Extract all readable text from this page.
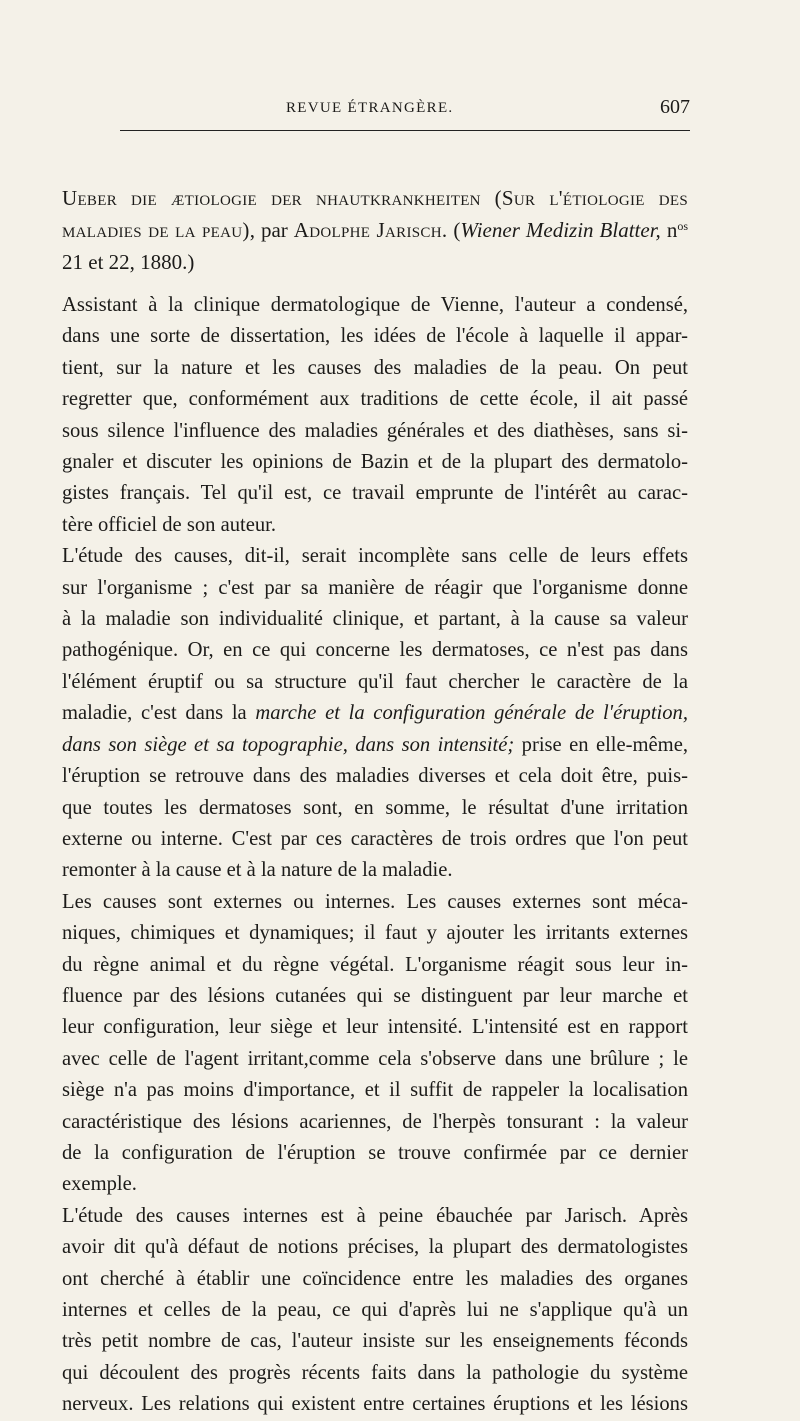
REVUE ÉTRANGÈRE.	607
Ueber die ætiologie der nhautkrankheiten (Sur l'étiologie des maladies de la peau), par Adolphe Jarisch. (Wiener Medizin Blatter, $n^{os}$ 21 et 22, 1880.)

Assistant à la clinique dermatologique de Vienne, l'auteur a condensé,
dans une sorte de dissertation, les idées de l'école à laquelle il appar-
tient, sur la nature et les causes des maladies de la peau. On peut
regretter que, conformément aux traditions de cette école, il ait passé
sous silence l'influence des maladies générales et des diathèses, sans si-
gnaler et discuter les opinions de Bazin et de la plupart des dermatolo-
gistes français. Tel qu'il est, ce travail emprunte de l'intérêt au carac-
tère officiel de son auteur.

L'étude des causes, dit-il, serait incomplète sans celle de leurs effets
sur l'organisme ; c'est par sa manière de réagir que l'organisme donne
à la maladie son individualité clinique, et partant, à la cause sa valeur
pathogénique. Or, en ce qui concerne les dermatoses, ce n'est pas dans
l'élément éruptif ou sa structure qu'il faut chercher le caractère de la
maladie, c'est dans la marche et la configuration générale de l'éruption,
dans son siège et sa topographie, dans son intensité; prise en elle-même,
l'éruption se retrouve dans des maladies diverses et cela doit être, puis-
que toutes les dermatoses sont, en somme, le résultat d'une irritation
externe ou interne. C'est par ces caractères de trois ordres que l'on peut
remonter à la cause et à la nature de la maladie.

Les causes sont externes ou internes. Les causes externes sont méca-
niques, chimiques et dynamiques; il faut y ajouter les irritants externes
du règne animal et du règne végétal. L'organisme réagit sous leur in-
fluence par des lésions cutanées qui se distinguent par leur marche et
leur configuration, leur siège et leur intensité. L'intensité est en rapport
avec celle de l'agent irritant,comme cela s'observe dans une brûlure ; le
siège n'a pas moins d'importance, et il suffit de rappeler la localisation
caractéristique des lésions acariennes, de l'herpès tonsurant : la valeur
de la configuration de l'éruption se trouve confirmée par ce dernier
exemple.

L'étude des causes internes est à peine ébauchée par Jarisch. Après
avoir dit qu'à défaut de notions précises, la plupart des dermatologistes
ont cherché à établir une coïncidence entre les maladies des organes
internes et celles de la peau, ce qui d'après lui ne s'applique qu'à un
très petit nombre de cas, l'auteur insiste sur les enseignements féconds
qui découlent des progrès récents faits dans la pathologie du système
nerveux. Les relations qui existent entre certaines éruptions et les lésions
